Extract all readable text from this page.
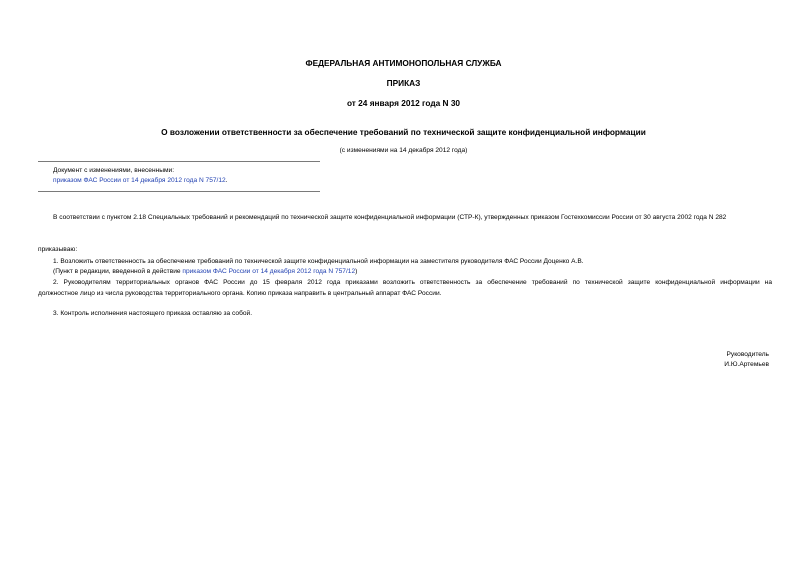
ФЕДЕРАЛЬНАЯ АНТИМОНОПОЛЬНАЯ СЛУЖБА
ПРИКАЗ
от 24 января 2012 года N 30
О возложении ответственности за обеспечение требований по технической защите конфиденциальной информации
(с изменениями на 14 декабря 2012 года)
Документ с изменениями, внесенными:
приказом ФАС России от 14 декабря 2012 года N 757/12.
В соответствии с пунктом 2.18 Специальных требований и рекомендаций по технической защите конфиденциальной информации (СТР-К), утвержденных приказом Гостехкомиссии России от 30 августа 2002 года N 282
приказываю:
1. Возложить ответственность за обеспечение требований по технической защите конфиденциальной информации на заместителя руководителя ФАС России Доценко А.В.
(Пункт в редакции, введенной в действие приказом ФАС России от 14 декабря 2012 года N 757/12)
2. Руководителям территориальных органов ФАС России до 15 февраля 2012 года приказами возложить ответственность за обеспечение требований по технической защите конфиденциальной информации на
должностное лицо из числа руководства территориального органа. Копию приказа направить в центральный аппарат ФАС России.
3. Контроль исполнения настоящего приказа оставляю за собой.
Руководитель
И.Ю.Артемьев
